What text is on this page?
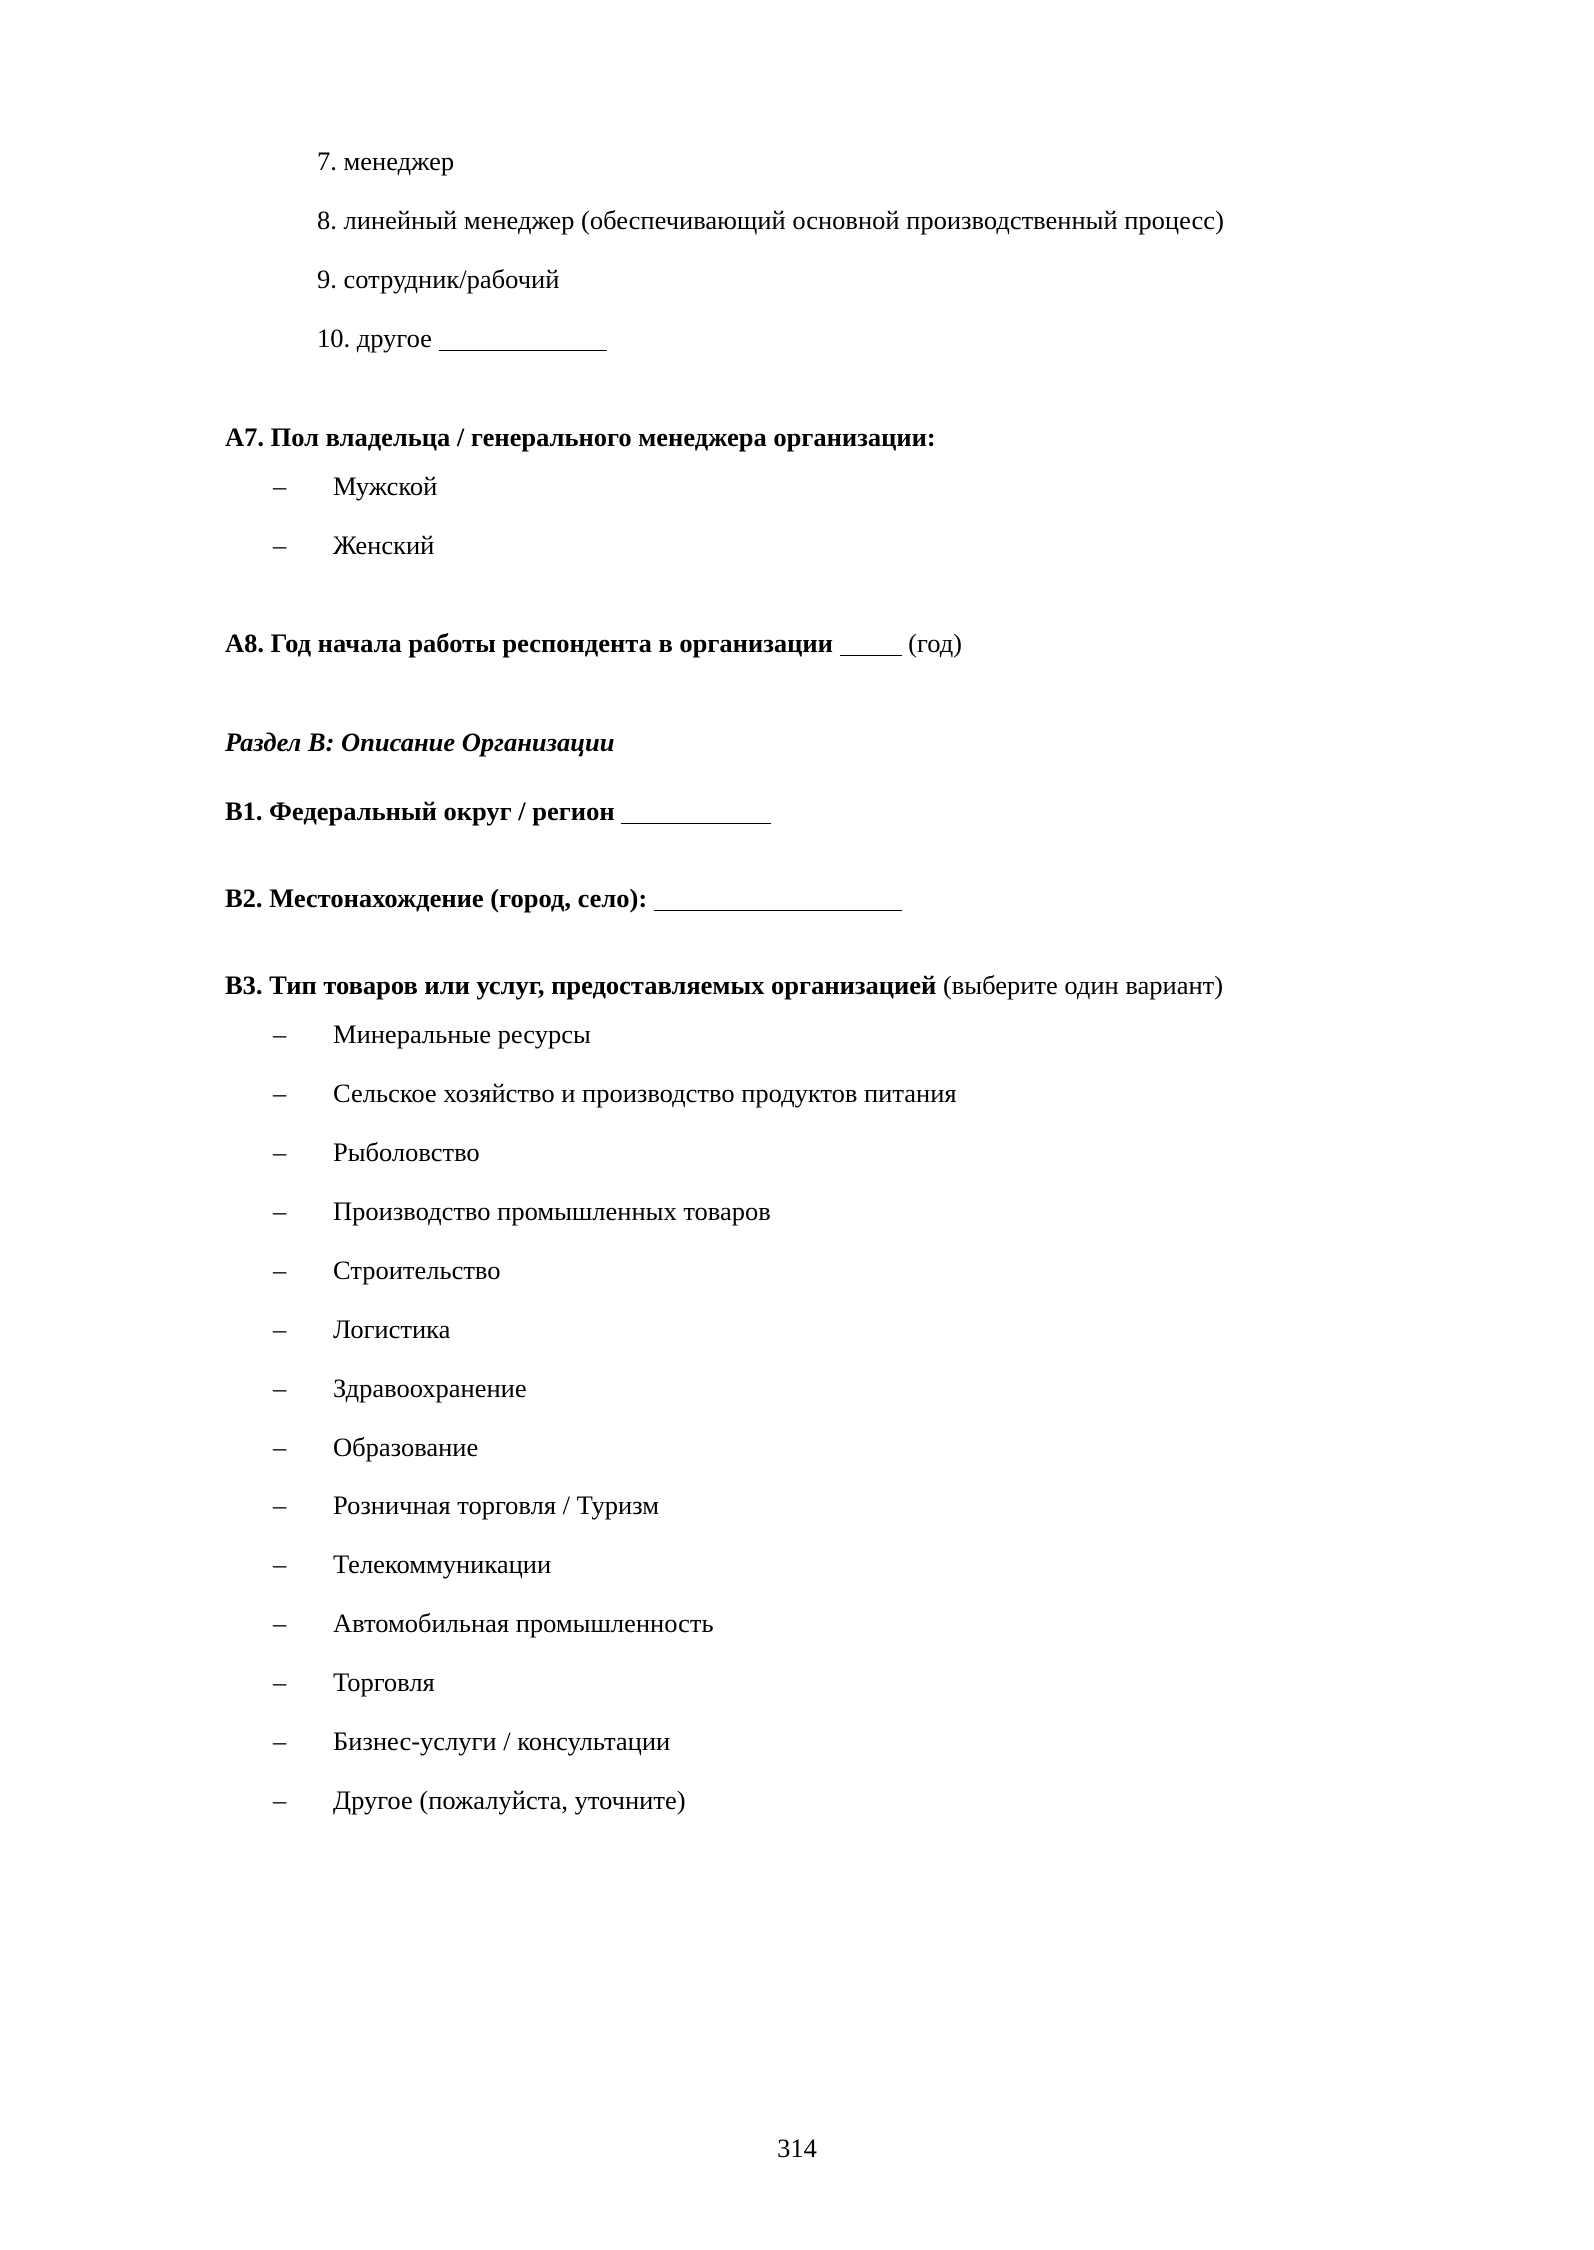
7. менеджер
8. линейный менеджер (обеспечивающий основной производственный процесс)
9. сотрудник/рабочий
10. другое

А7. Пол владельца / генерального менеджера организации:

– Мужской
– Женский

А8. Год начала работы респондента в организации	(год)

Раздел В: Описание Организации

В1. Федеральный округ / регион

В2. Местонахождение (город, село):

В3. Тип товаров или услуг, предоставляемых организацией (выберите один вариант)

– Минеральные ресурсы
– Сельское хозяйство и производство продуктов питания
– Рыболовство
– Производство промышленных товаров
– Строительство
– Логистика
– Здравоохранение
– Образование
– Розничная торговля / Туризм
– Телекоммуникации
– Автомобильная промышленность
– Торговля
– Бизнес-услуги / консультации
– Другое (пожалуйста, уточните)
314
